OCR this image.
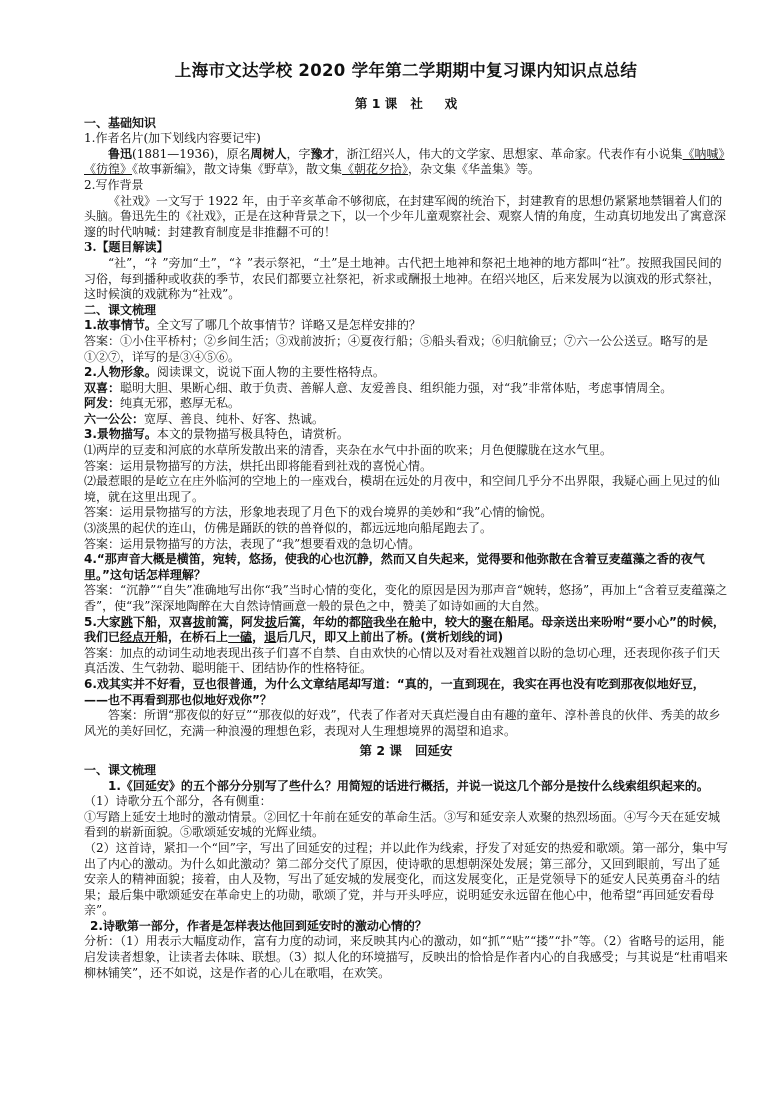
上海市文达学校 2020 学年第二学期期中复习课内知识点总结
第 1 课   社     戏

一、基础知识

1.作者名片(加下划线内容要记牢)

鲁迅(1881—1936)，原名周树人，字豫才，浙江绍兴人，伟大的文学家、思想家、革命家。代表作有小说集《呐喊》《彷徨》《故事新编》，散文诗集《野草》，散文集《朝花夕拾》，杂文集《华盖集》等。

2.写作背景

《社戏》一文写于 1922 年，由于辛亥革命不够彻底，在封建军阀的统治下，封建教育的思想仍紧紧地禁锢着人们的头脑。鲁迅先生的《社戏》，正是在这种背景之下，以一个少年儿童观察社会、观察人情的角度，生动真切地发出了寓意深邃的时代呐喊：封建教育制度是非推翻不可的！

3.【题目解读】

“社”，“礻”旁加“土”，“礻”表示祭祀，“土”是土地神。古代把土地神和祭祀土地神的地方都叫“社”。按照我国民间的习俗，每到播种或收获的季节，农民们都要立社祭祀，祈求或酬报土地神。在绍兴地区，后来发展为以演戏的形式祭社，这时候演的戏就称为“社戏”。

二、课文梳理

1.故事情节。全文写了哪几个故事情节？详略又是怎样安排的？

答案：①小住平桥村；②乡间生活；③戏前波折；④夏夜行船；⑤船头看戏；⑥归航偷豆；⑦六一公公送豆。略写的是①②⑦，详写的是③④⑤⑥。

2.人物形象。阅读课文，说说下面人物的主要性格特点。

双喜：聪明大胆、果断心细、敢于负责、善解人意、友爱善良、组织能力强，对“我”非常体贴，考虑事情周全。

阿发：纯真无邪，憨厚无私。

六一公公：宽厚、善良、纯朴、好客、热诚。

3.景物描写。本文的景物描写极具特色，请赏析。

⑴两岸的豆麦和河底的水草所发散出来的清香，夹杂在水气中扑面的吹来；月色便朦胧在这水气里。

答案：运用景物描写的方法，烘托出即将能看到社戏的喜悦心情。

⑵最惹眼的是屹立在庄外临河的空地上的一座戏台，模胡在远处的月夜中，和空间几乎分不出界限，我疑心画上见过的仙境，就在这里出现了。

答案：运用景物描写的方法，形象地表现了月色下的戏台境界的美妙和“我”心情的愉悦。

⑶淡黑的起伏的连山，仿佛是踊跃的铁的兽脊似的，都远远地向船尾跑去了。

答案：运用景物描写的方法，表现了“我”想要看戏的急切心情。

4.“那声音大概是横笛，宛转，悠扬，使我的心也沉静，然而又自失起来，觉得要和他弥散在含着豆麦蕴藻之香的夜气里。”这句话怎样理解？

答案：“沉静”“自失”准确地写出你“我”当时心情的变化，变化的原因是因为那声音“婉转，悠扬”，再加上“含着豆麦蕴藻之香”，使“我”深深地陶醉在大自然诗情画意一般的景色之中，赞美了如诗如画的大自然。

5.大家跳下船，双喜拔前篙，阿发拔后篙，年幼的都陪我坐在舱中，较大的聚在船尾。母亲送出来吩咐“要小心”的时候，我们已经点开船，在桥石上一磕，退后几尺，即又上前出了桥。(赏析划线的词)

答案：加点的动词生动地表现出孩子们喜不自禁、自由欢快的心情以及对看社戏翘首以盼的急切心理，还表现你孩子们天真活泼、生气勃勃、聪明能干、团结协作的性格特征。

6.戏其实并不好看，豆也很普通，为什么文章结尾却写道：“真的，一直到现在，我实在再也没有吃到那夜似地好豆，——也不再看到那也似地好戏你”？

答案：所谓“那夜似的好豆”“那夜似的好戏”，代表了作者对天真烂漫自由有趣的童年、淳朴善良的伙伴、秀美的故乡风光的美好回忆，充满一种浪漫的理想色彩，表现对人生理想境界的渴望和追求。

第 2 课   回延安

一、课文梳理

1.《回延安》的五个部分分别写了些什么？用简短的话进行概括，并说一说这几个部分是按什么线索组织起来的。

（1）诗歌分五个部分，各有侧重：

①写踏上延安土地时的激动情景。②回忆十年前在延安的革命生活。③写和延安亲人欢聚的热烈场面。④写今天在延安城看到的崭新面貌。⑤歌颂延安城的光辉业绩。

（2）这首诗，紧扣一个“回”字，写出了回延安的过程；并以此作为线索，抒发了对延安的热爱和歌颂。第一部分，集中写出了内心的激动。为什么如此激动？第二部分交代了原因，使诗歌的思想朝深处发展；第三部分，又回到眼前，写出了延安亲人的精神面貌；接着，由人及物，写出了延安城的发展变化，而这发展变化，正是党领导下的延安人民英勇奋斗的结果；最后集中歌颂延安在革命史上的功勋，歌颂了党，并与开头呼应，说明延安永远留在他心中，他希望“再回延安看母亲”。

2.诗歌第一部分，作者是怎样表达他回到延安时的激动心情的？

分析：（1）用表示大幅度动作，富有力度的动词，来反映其内心的激动，如“抓”“贴”“搂”“扑”等。（2）省略号的运用，能启发读者想象，让读者去体味、联想。（3）拟人化的环境描写，反映出的恰恰是作者内心的自我感受；与其说是“杜甫唱来柳林铺笑”，还不如说，这是作者的心儿在歌唱，在欢笑。
